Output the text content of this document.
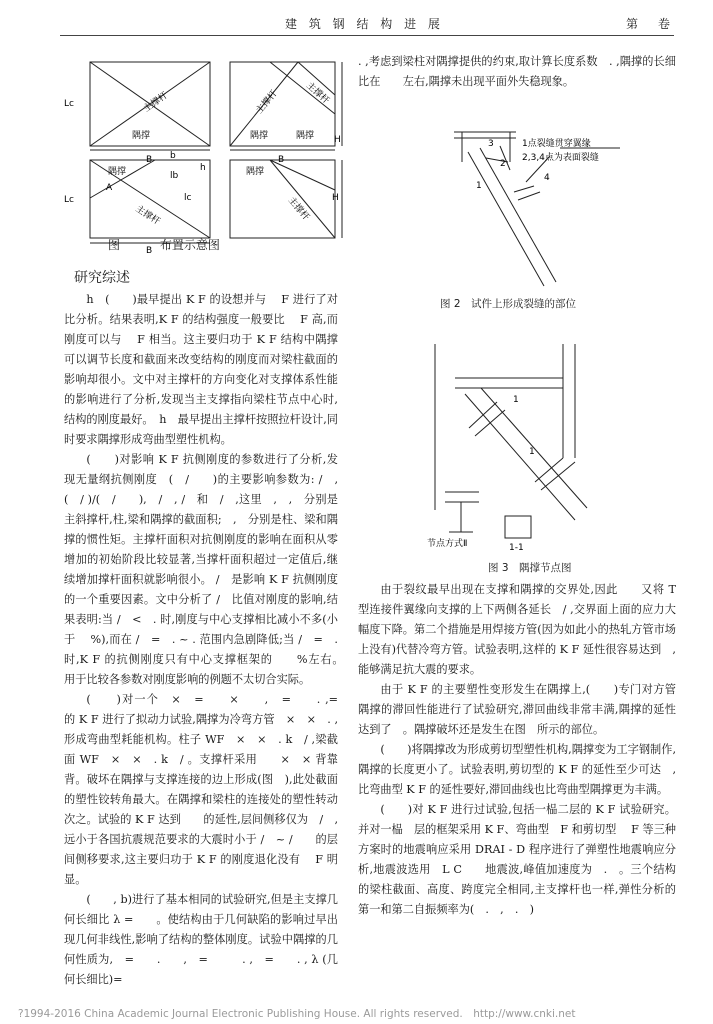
建 筑 钢 结 构 进 展	第　卷
Lc
Lc
主撑杆
隅撑
主撑杆	主撑杆
隅撑	隅撑 H
H
B	B
B
b
h
隅撑	lb
A
主撑杆
lc
隅撑
主撑杆
图	布置示意图

研究综述

h　(　　)最早提出 K F 的设想并与　 F 进行了对比分析。结果表明,K F 的结构强度一般要比　 F 高,而刚度可以与　 F 相当。这主要归功于 K F 结构中隅撑可以调节长度和截面来改变结构的刚度而对梁柱截面的影响却很小。文中对主撑杆的方向变化对支撑体系性能的影响进行了分析,发现当主支撑指向梁柱节点中心时,结构的刚度最好。　h　最早提出主撑杆按照拉杆设计,同时要求隅撑形成弯曲型塑性机构。

(　　)对影响 K F 抗侧刚度的参数进行了分析,发现无量纲抗侧刚度　(　/　　)的主要影响参数为: /　, (　/ )/(　/　　),　/　, /　和　/　,这里　,　,　分别是主斜撑杆,柱,梁和隅撑的截面积;　,　分别是柱、梁和隅撑的惯性矩。主撑杆面积对抗侧刚度的影响在面积从零增加的初始阶段比较显著,当撑杆面积超过一定值后,继续增加撑杆面积就影响很小。 /　是影响 K F 抗侧刚度的一个重要因素。文中分析了 /　比值对刚度的影响,结果表明:当 /　<　. 时,刚度与中心支撑相比减小不多(小于　 %),而在 /　=　. ~ . 范围内急剧降低;当 /　=　. 时,K F 的抗侧刚度只有中心支撑框架的　　%左右。　　用于比较各参数对刚度影响的例题不太切合实际。

(　　)对一个　×　=　　×　　,　=　　. ,=　　　的 K F 进行了拟动力试验,隅撑为冷弯方管　×　×　. ,形成弯曲型耗能机构。柱子 WF　×　×　. k　/ ,梁截面 WF　×　×　. k　/ 。支撑杆采用　　×　× 背靠背。破坏在隅撑与支撑连接的边上形成(图　),此处截面的塑性铰转角最大。在隅撑和梁柱的连接处的塑性转动次之。试验的 K F 达到　　的延性,层间侧移仅为　/　,远小于各国抗震规范要求的大震时小于 /　~ /　　的层间侧移要求,这主要归功于 K F 的刚度退化没有　 F 明显。

(　　, b)进行了基本相同的试验研究,但是主支撑几何长细比 λ =　　。使结构由于几何缺陷的影响过早出现几何非线性,影响了结构的整体刚度。试验中隅撑的几何性质为,　=　　.　　,　=　　　. ,　=　　. , λ (几何长细比)=

. ,考虑到梁柱对隅撑提供的约束,取计算长度系数　. ,隅撑的长细比在　　左右,隅撑未出现平面外失稳现象。

1点裂缝贯穿翼缘
2,3,4点为表面裂缝
1
2
3
4
图 2　试件上形成裂缝的部位
1
1
节点方式Ⅱ	1-1
图 3　隅撑节点图

由于裂纹最早出现在支撑和隅撑的交界处,因此　　又将 T 型连接件翼缘向支撑的上下两侧各延长　/ ,交界面上面的应力大幅度下降。第二个措施是用焊接方管(因为如此小的热轧方管市场上没有)代替冷弯方管。试验表明,这样的 K F 延性很容易达到　,能够满足抗大震的要求。

由于 K F 的主要塑性变形发生在隅撑上,(　　)专门对方管隅撑的滞回性能进行了试验研究,滞回曲线非常丰满,隅撑的延性达到了　。隅撑破坏还是发生在图　所示的部位。

(　　)将隅撑改为形成剪切型塑性机构,隅撑变为工字钢制作,隅撑的长度更小了。试验表明,剪切型的 K F 的延性至少可达　,比弯曲型 K F 的延性要好,滞回曲线也比弯曲型隅撑更为丰满。

(　　)对 K F 进行过试验,包括一榀二层的 K F 试验研究。并对一榀　层的框架采用 K F、弯曲型　F 和剪切型　 F 等三种方案时的地震响应采用 DRAI - D 程序进行了弹塑性地震响应分析,地震波选用　L C　　地震波,峰值加速度为　.　。三个结构的梁柱截面、高度、跨度完全相同,主支撑杆也一样,弹性分析的第一和第二自振频率为(　.　,　.　)

?1994-2016 China Academic Journal Electronic Publishing House. All rights reserved.　http://www.cnki.net
